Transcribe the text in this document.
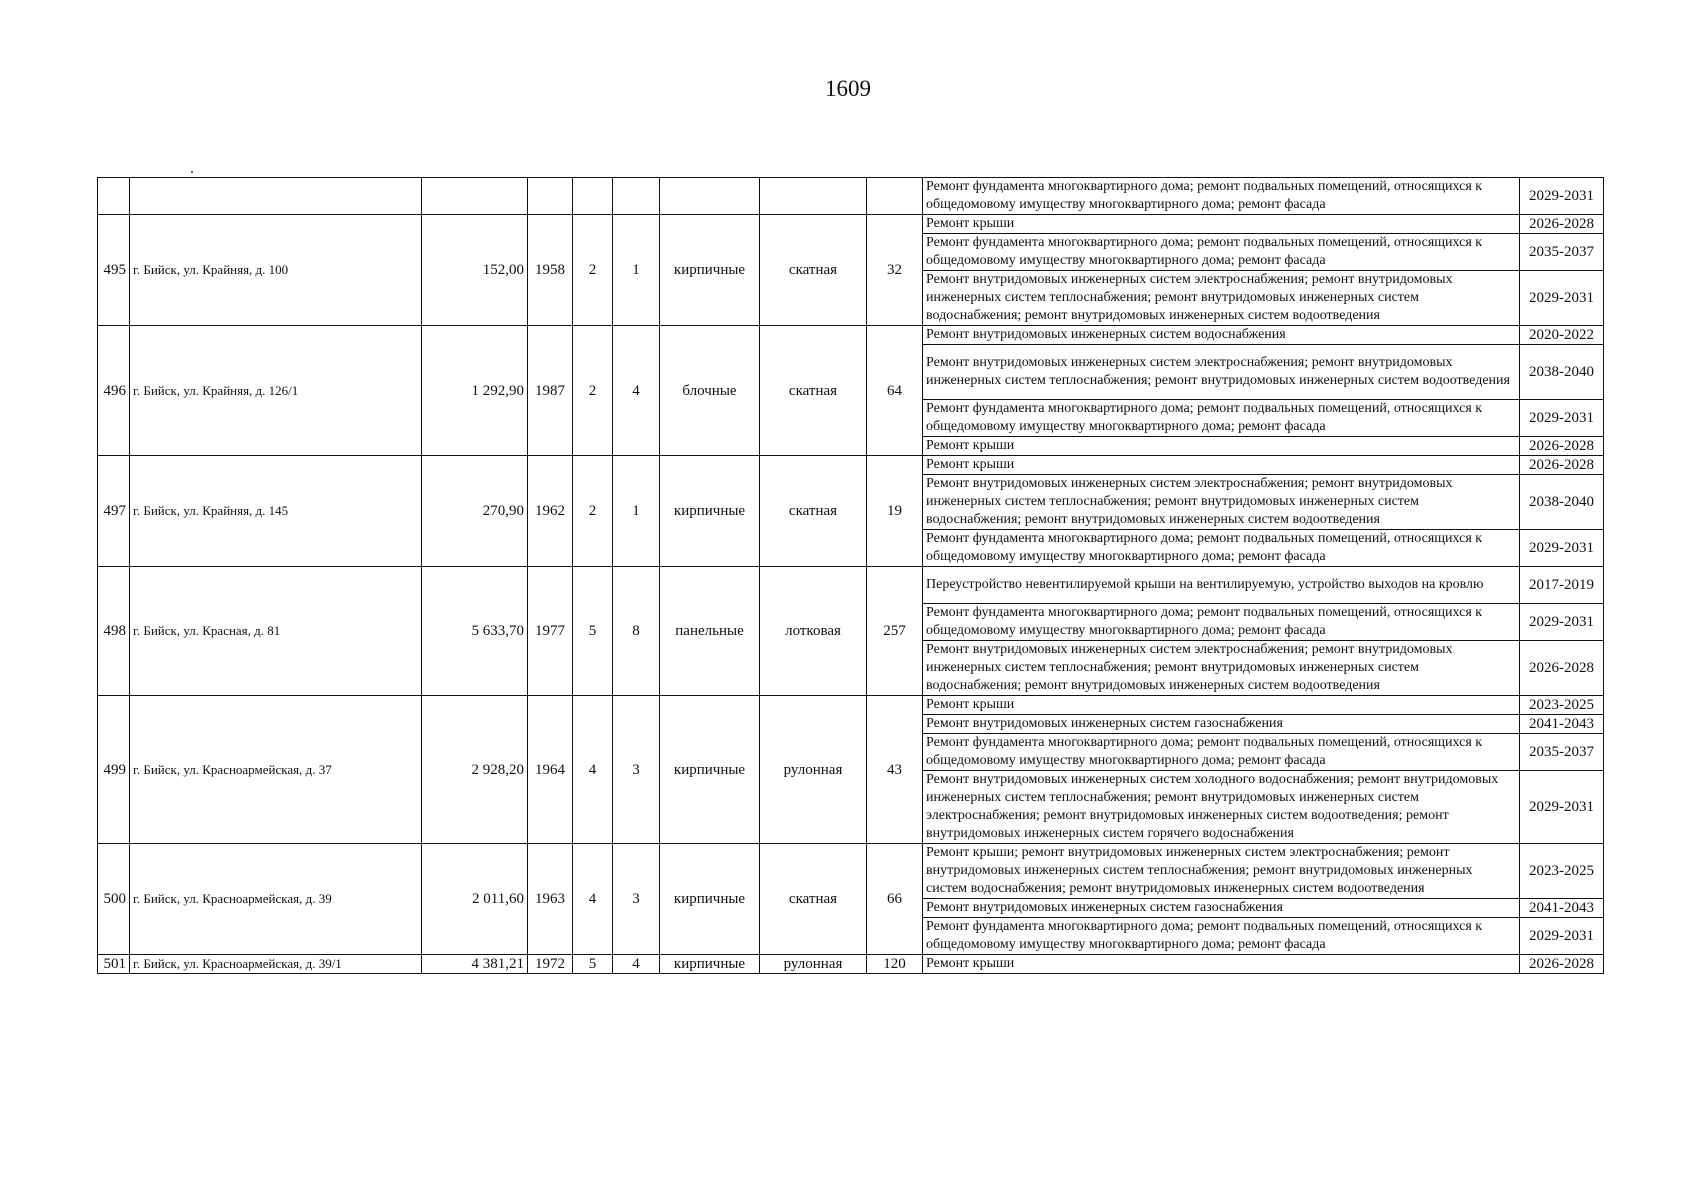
1609
									Ремонт фундамента многоквартирного дома; ремонт подвальных помещений, относящихся к общедомовому имуществу многоквартирного дома; ремонт фасада	2029-2031
495	г. Бийск, ул. Крайняя, д. 100	152,00	1958	2	1	кирпичные	скатная	32	Ремонт крыши	2026-2028
									Ремонт фундамента многоквартирного дома; ремонт подвальных помещений, относящихся к общедомовому имуществу многоквартирного дома; ремонт фасада	2035-2037
									Ремонт внутридомовых инженерных систем электроснабжения; ремонт внутридомовых инженерных систем теплоснабжения; ремонт внутридомовых инженерных систем водоснабжения; ремонт внутридомовых инженерных систем водоотведения	2029-2031
496	г. Бийск, ул. Крайняя, д. 126/1	1 292,90	1987	2	4	блочные	скатная	64	Ремонт внутридомовых инженерных систем водоснабжения	2020-2022
									Ремонт внутридомовых инженерных систем электроснабжения; ремонт внутридомовых инженерных систем теплоснабжения; ремонт внутридомовых инженерных систем водоотведения	2038-2040
									Ремонт фундамента многоквартирного дома; ремонт подвальных помещений, относящихся к общедомовому имуществу многоквартирного дома; ремонт фасада	2029-2031
									Ремонт крыши	2026-2028
497	г. Бийск, ул. Крайняя, д. 145	270,90	1962	2	1	кирпичные	скатная	19	Ремонт крыши	2026-2028
									Ремонт внутридомовых инженерных систем электроснабжения; ремонт внутридомовых инженерных систем теплоснабжения; ремонт внутридомовых инженерных систем водоснабжения; ремонт внутридомовых инженерных систем водоотведения	2038-2040
									Ремонт фундамента многоквартирного дома; ремонт подвальных помещений, относящихся к общедомовому имуществу многоквартирного дома; ремонт фасада	2029-2031
498	г. Бийск, ул. Красная, д. 81	5 633,70	1977	5	8	панельные	лотковая	257	Переустройство невентилируемой крыши на вентилируемую, устройство выходов на кровлю	2017-2019
									Ремонт фундамента многоквартирного дома; ремонт подвальных помещений, относящихся к общедомовому имуществу многоквартирного дома; ремонт фасада	2029-2031
									Ремонт внутридомовых инженерных систем электроснабжения; ремонт внутридомовых инженерных систем теплоснабжения; ремонт внутридомовых инженерных систем водоснабжения; ремонт внутридомовых инженерных систем водоотведения	2026-2028
499	г. Бийск, ул. Красноармейская, д. 37	2 928,20	1964	4	3	кирпичные	рулонная	43	Ремонт крыши	2023-2025
									Ремонт внутридомовых инженерных систем газоснабжения	2041-2043
									Ремонт фундамента многоквартирного дома; ремонт подвальных помещений, относящихся к общедомовому имуществу многоквартирного дома; ремонт фасада	2035-2037
									Ремонт внутридомовых инженерных систем холодного водоснабжения; ремонт внутридомовых инженерных систем теплоснабжения; ремонт внутридомовых инженерных систем электроснабжения; ремонт внутридомовых инженерных систем водоотведения; ремонт внутридомовых инженерных систем горячего водоснабжения	2029-2031
500	г. Бийск, ул. Красноармейская, д. 39	2 011,60	1963	4	3	кирпичные	скатная	66	Ремонт крыши; ремонт внутридомовых инженерных систем электроснабжения; ремонт внутридомовых инженерных систем теплоснабжения; ремонт внутридомовых инженерных систем водоснабжения; ремонт внутридомовых инженерных систем водоотведения	2023-2025
									Ремонт внутридомовых инженерных систем газоснабжения	2041-2043
									Ремонт фундамента многоквартирного дома; ремонт подвальных помещений, относящихся к общедомовому имуществу многоквартирного дома; ремонт фасада	2029-2031
501	г. Бийск, ул. Красноармейская, д. 39/1	4 381,21	1972	5	4	кирпичные	рулонная	120	Ремонт крыши	2026-2028
